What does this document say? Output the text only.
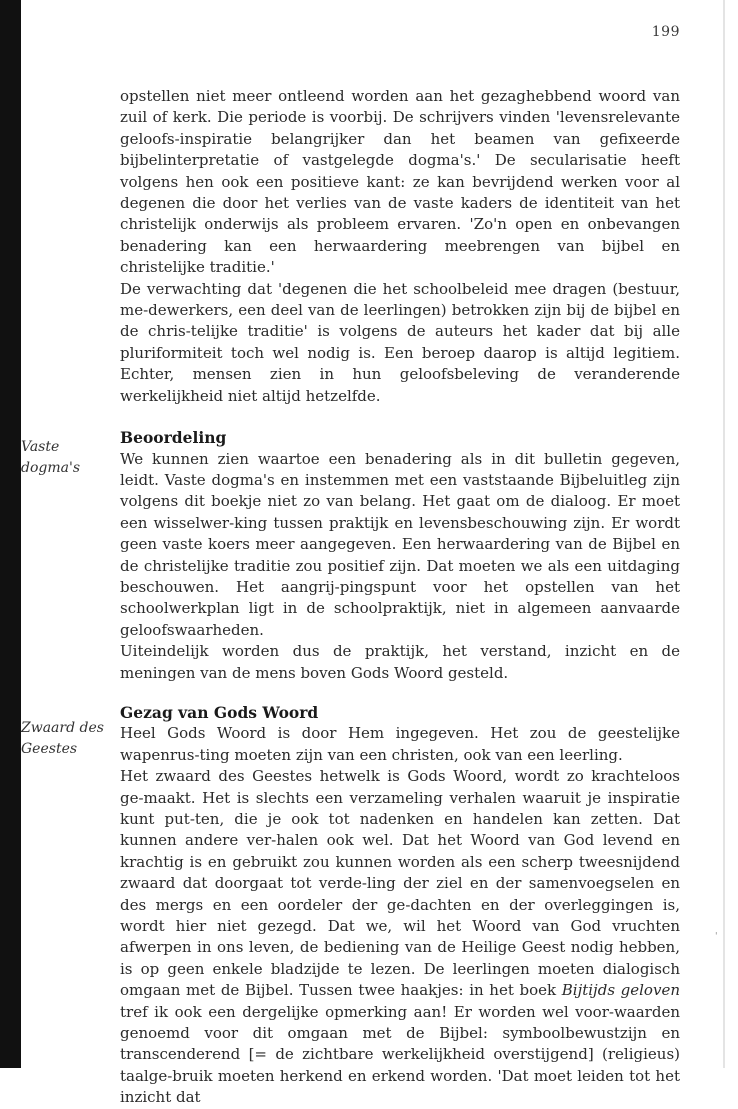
199
Vaste
dogma's
Zwaard des
Geestes

opstellen niet meer ontleend worden aan het gezaghebbend woord van zuil of kerk. Die periode is voorbij. De schrijvers vinden 'levensrelevante geloofs-inspiratie belangrijker dan het beamen van gefixeerde bijbelinterpretatie of vastgelegde dogma's.' De secularisatie heeft volgens hen ook een positieve kant: ze kan bevrijdend werken voor al degenen die door het verlies van de vaste kaders de identiteit van het christelijk onderwijs als probleem ervaren. 'Zo'n open en onbevangen benadering kan een herwaardering meebrengen van bijbel en christelijke traditie.'

De verwachting dat 'degenen die het schoolbeleid mee dragen (bestuur, me-dewerkers, een deel van de leerlingen) betrokken zijn bij de bijbel en de chris-telijke traditie' is volgens de auteurs het kader dat bij alle pluriformiteit toch wel nodig is. Een beroep daarop is altijd legitiem. Echter, mensen zien in hun geloofsbeleving de veranderende werkelijkheid niet altijd hetzelfde.

Beoordeling

We kunnen zien waartoe een benadering als in dit bulletin gegeven, leidt. Vaste dogma's en instemmen met een vaststaande Bijbeluitleg zijn volgens dit boekje niet zo van belang. Het gaat om de dialoog. Er moet een wisselwer-king tussen praktijk en levensbeschouwing zijn. Er wordt geen vaste koers meer aangegeven. Een herwaardering van de Bijbel en de christelijke traditie zou positief zijn. Dat moeten we als een uitdaging beschouwen. Het aangrij-pingspunt voor het opstellen van het schoolwerkplan ligt in de schoolpraktijk, niet in algemeen aanvaarde geloofswaarheden.

Uiteindelijk worden dus de praktijk, het verstand, inzicht en de meningen van de mens boven Gods Woord gesteld.

Gezag van Gods Woord

Heel Gods Woord is door Hem ingegeven. Het zou de geestelijke wapenrus-ting moeten zijn van een christen, ook van een leerling.

Het zwaard des Geestes hetwelk is Gods Woord, wordt zo krachteloos ge-maakt. Het is slechts een verzameling verhalen waaruit je inspiratie kunt put-ten, die je ook tot nadenken en handelen kan zetten. Dat kunnen andere ver-halen ook wel. Dat het Woord van God levend en krachtig is en gebruikt zou kunnen worden als een scherp tweesnijdend zwaard dat doorgaat tot verde-ling der ziel en der samenvoegselen en des mergs en een oordeler der ge-dachten en der overleggingen is, wordt hier niet gezegd. Dat we, wil het Woord van God vruchten afwerpen in ons leven, de bediening van de Heilige Geest nodig hebben, is op geen enkele bladzijde te lezen. De leerlingen moeten dialogisch omgaan met de Bijbel. Tussen twee haakjes: in het boek Bijtijds geloven tref ik ook een dergelijke opmerking aan! Er worden wel voor-waarden genoemd voor dit omgaan met de Bijbel: symboolbewustzijn en transcenderend [= de zichtbare werkelijkheid overstijgend] (religieus) taalge-bruik moeten herkend en erkend worden. 'Dat moet leiden tot het inzicht dat

'
